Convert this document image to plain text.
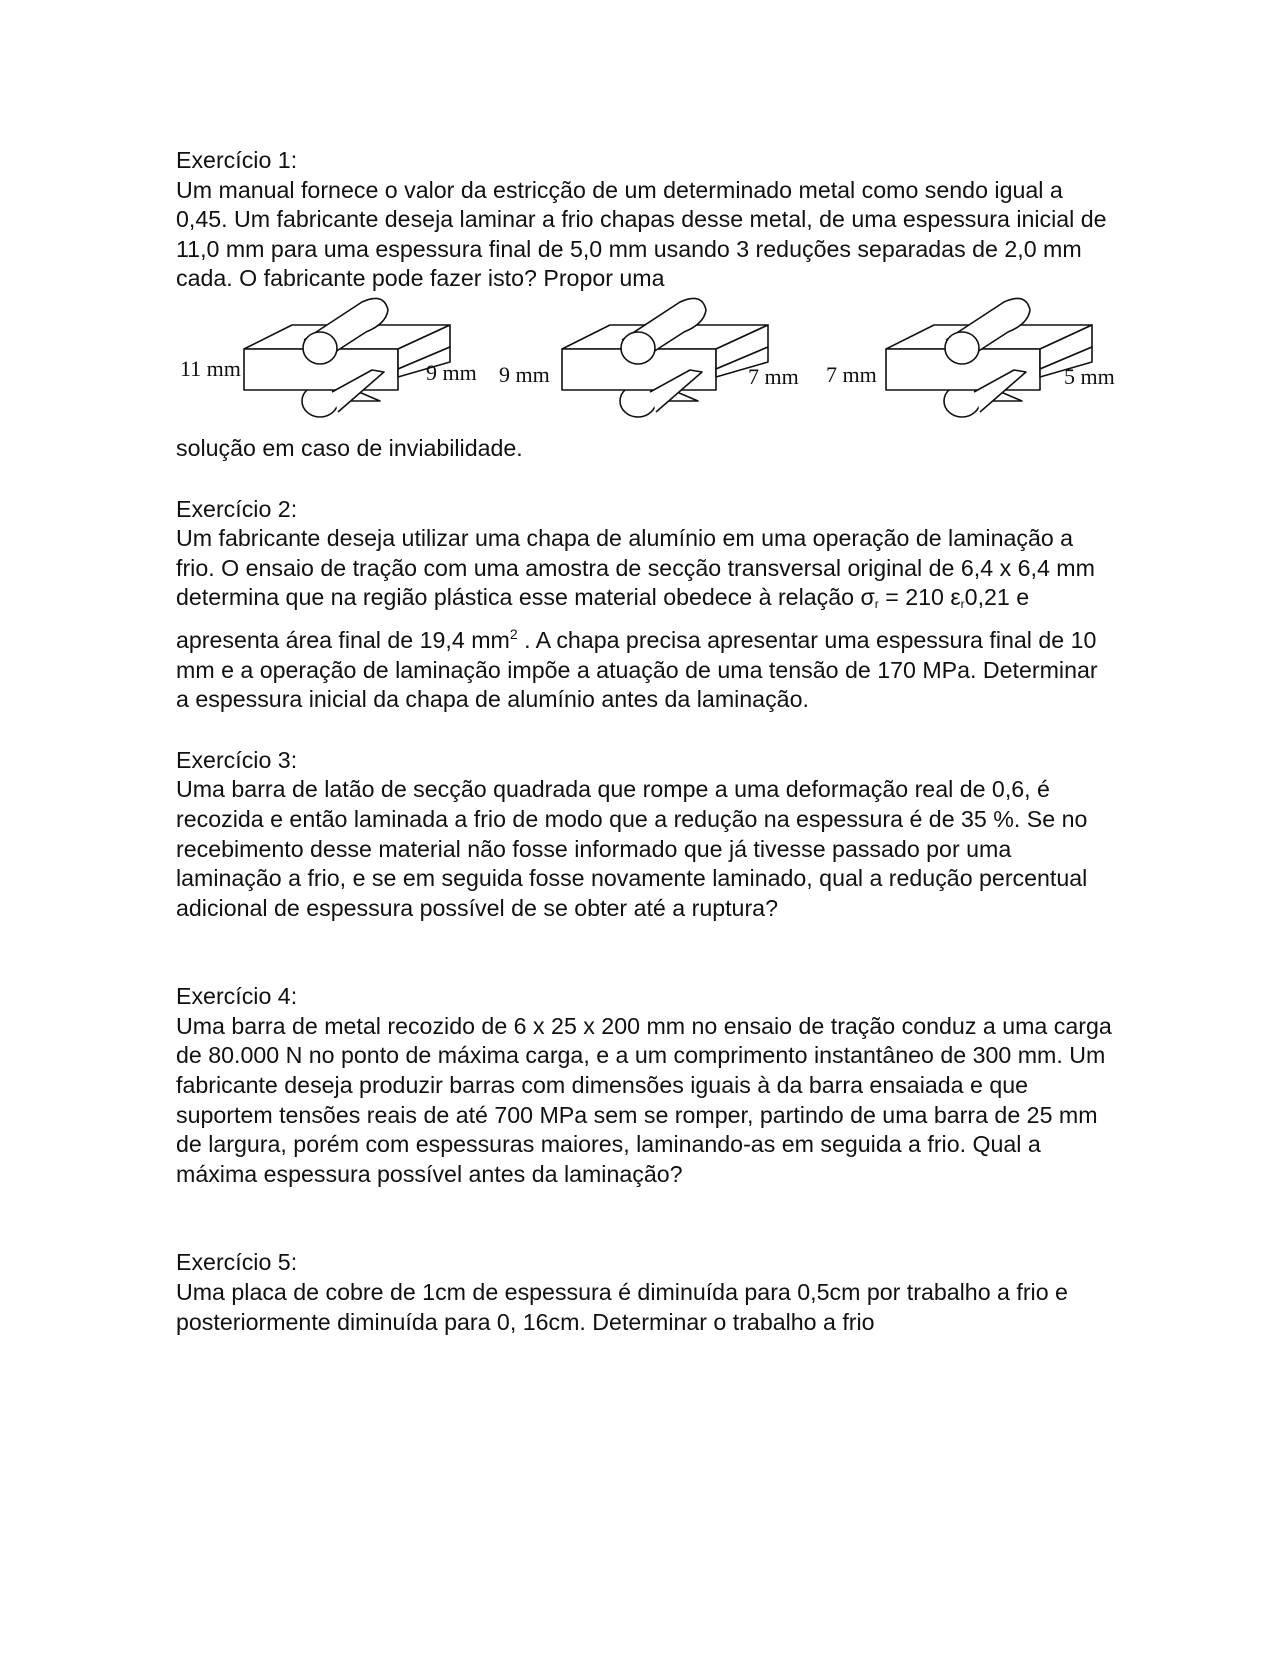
Exercício 1:

Um manual fornece o valor da estricção de um determinado metal como sendo igual a 0,45. Um fabricante deseja laminar a frio chapas desse metal, de uma espessura inicial de 11,0 mm para uma espessura final de 5,0 mm usando 3 reduções separadas de 2,0 mm cada. O fabricante pode fazer isto? Propor uma

11 mm	9 mm 9 mm	7 mm 7 mm	5 mm

solução em caso de inviabilidade.

Exercício 2:

Um fabricante deseja utilizar uma chapa de alumínio em uma operação de laminação a frio. O ensaio de tração com uma amostra de secção transversal original de 6,4 x 6,4 mm determina que na região plástica esse material obedece à relação $\sigma_r = 210$ $\varepsilon_r0,21$ e apresenta área final de 19,4 $mm^2$ . A chapa precisa apresentar uma espessura final de 10 mm e a operação de laminação impõe a atuação de uma tensão de 170 MPa. Determinar a espessura inicial da chapa de alumínio antes da laminação.

Exercício 3:

Uma barra de latão de secção quadrada que rompe a uma deformação real de 0,6, é recozida e então laminada a frio de modo que a redução na espessura é de 35 %. Se no recebimento desse material não fosse informado que já tivesse passado por uma laminação a frio, e se em seguida fosse novamente laminado, qual a redução percentual adicional de espessura possível de se obter até a ruptura?

Exercício 4:

Uma barra de metal recozido de 6 x 25 x 200 mm no ensaio de tração conduz a uma carga de 80.000 N no ponto de máxima carga, e a um comprimento instantâneo de 300 mm. Um fabricante deseja produzir barras com dimensões iguais à da barra ensaiada e que suportem tensões reais de até 700 MPa sem se romper, partindo de uma barra de 25 mm de largura, porém com espessuras maiores, laminando-as em seguida a frio. Qual a máxima espessura possível antes da laminação?

Exercício 5:

Uma placa de cobre de 1cm de espessura é diminuída para 0,5cm por trabalho a frio e posteriormente diminuída para 0, 16cm. Determinar o trabalho a frio
